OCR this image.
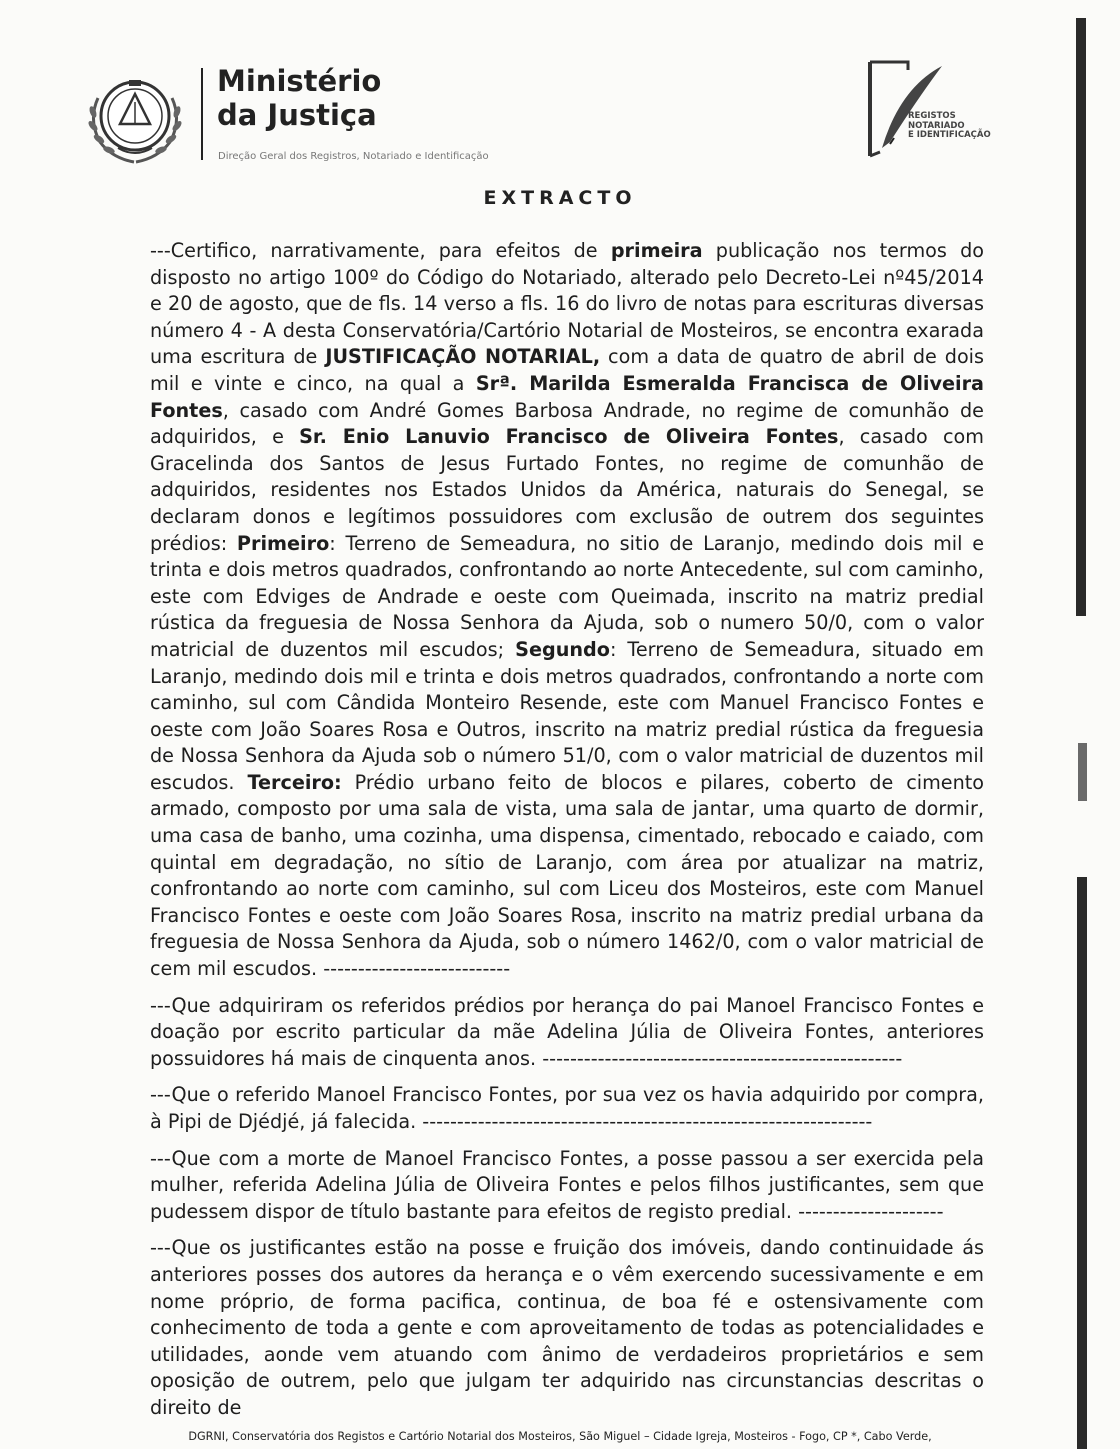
Ministério
da Justiça
Direção Geral dos Registros, Notariado e Identificação
REGISTOS
NOTARIADO
E IDENTIFICAÇÃO
EXTRACTO

---Certifico, narrativamente, para efeitos de primeira publicação nos termos do disposto no artigo 100º do Código do Notariado, alterado pelo Decreto-Lei nº45/2014 e 20 de agosto, que de fls. 14 verso a fls. 16 do livro de notas para escrituras diversas número 4 - A desta Conservatória/Cartório Notarial de Mosteiros, se encontra exarada uma escritura de JUSTIFICAÇÃO NOTARIAL, com a data de quatro de abril de dois mil e vinte e cinco, na qual a Srª. Marilda Esmeralda Francisca de Oliveira Fontes, casado com André Gomes Barbosa Andrade, no regime de comunhão de adquiridos, e Sr. Enio Lanuvio Francisco de Oliveira Fontes, casado com Gracelinda dos Santos de Jesus Furtado Fontes, no regime de comunhão de adquiridos, residentes nos Estados Unidos da América, naturais do Senegal, se declaram donos e legítimos possuidores com exclusão de outrem dos seguintes prédios: Primeiro: Terreno de Semeadura, no sitio de Laranjo, medindo dois mil e trinta e dois metros quadrados, confrontando ao norte Antecedente, sul com caminho, este com Edviges de Andrade e oeste com Queimada, inscrito na matriz predial rústica da freguesia de Nossa Senhora da Ajuda, sob o numero 50/0, com o valor matricial de duzentos mil escudos; Segundo: Terreno de Semeadura, situado em Laranjo, medindo dois mil e trinta e dois metros quadrados, confrontando a norte com caminho, sul com Cândida Monteiro Resende, este com Manuel Francisco Fontes e oeste com João Soares Rosa e Outros, inscrito na matriz predial rústica da freguesia de Nossa Senhora da Ajuda sob o número 51/0, com o valor matricial de duzentos mil escudos. Terceiro: Prédio urbano feito de blocos e pilares, coberto de cimento armado, composto por uma sala de vista, uma sala de jantar, uma quarto de dormir, uma casa de banho, uma cozinha, uma dispensa, cimentado, rebocado e caiado, com quintal em degradação, no sítio de Laranjo, com área por atualizar na matriz, confrontando ao norte com caminho, sul com Liceu dos Mosteiros, este com Manuel Francisco Fontes e oeste com João Soares Rosa, inscrito na matriz predial urbana da freguesia de Nossa Senhora da Ajuda, sob o número 1462/0, com o valor matricial de cem mil escudos. ---------------------------

---Que adquiriram os referidos prédios por herança do pai Manoel Francisco Fontes e doação por escrito particular da mãe Adelina Júlia de Oliveira Fontes, anteriores possuidores há mais de cinquenta anos. ----------------------------------------------------

---Que o referido Manoel Francisco Fontes, por sua vez os havia adquirido por compra, à Pipi de Djédjé, já falecida. -----------------------------------------------------------------

---Que com a morte de Manoel Francisco Fontes, a posse passou a ser exercida pela mulher, referida Adelina Júlia de Oliveira Fontes e pelos filhos justificantes, sem que pudessem dispor de título bastante para efeitos de registo predial. ---------------------

---Que os justificantes estão na posse e fruição dos imóveis, dando continuidade ás anteriores posses dos autores da herança e o vêm exercendo sucessivamente e em nome próprio, de forma pacifica, continua, de boa fé e ostensivamente com conhecimento de toda a gente e com aproveitamento de todas as potencialidades e utilidades, aonde vem atuando com ânimo de verdadeiros proprietários e sem oposição de outrem, pelo que julgam ter adquirido nas circunstancias descritas o direito de

DGRNI, Conservatória dos Registos e Cartório Notarial dos Mosteiros, São Miguel – Cidade Igreja, Mosteiros - Fogo, CP *, Cabo Verde,
